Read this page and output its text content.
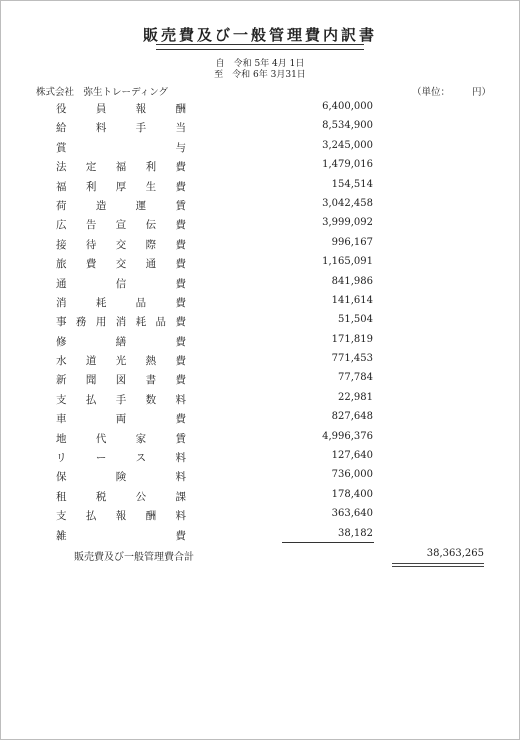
販売費及び一般管理費内訳書
自　令和 5年 4月 1日
至　令和 6年 3月31日
株式会社　弥生トレーディング	（単位： 円）
役	員	報	酬	6,400,000
給	料	手	当	8,534,900
賞	与	3,245,000
法 定 福 利 費	1,479,016
福 利 厚 生 費	154,514
荷	造	運	賃	3,042,458
広 告 宣 伝 費	3,999,092
接 待 交 際 費	996,167
旅 費 交 通 費	1,165,091
通	信	費	841,986
消	耗	品	費	141,614
事 務 用 消 耗 品 費	51,504
修	繕	費	171,819
水 道 光 熱 費	771,453
新 聞 図 書 費	77,784
支 払 手 数 料	22,981
車	両	費	827,648
地	代	家	賃	4,996,376
リ	ー	ス	料	127,640
保	険	料	736,000
租	税	公	課	178,400
支 払 報 酬 料	363,640
雑	費	38,182
販売費及び一般管理費合計	38,363,265
